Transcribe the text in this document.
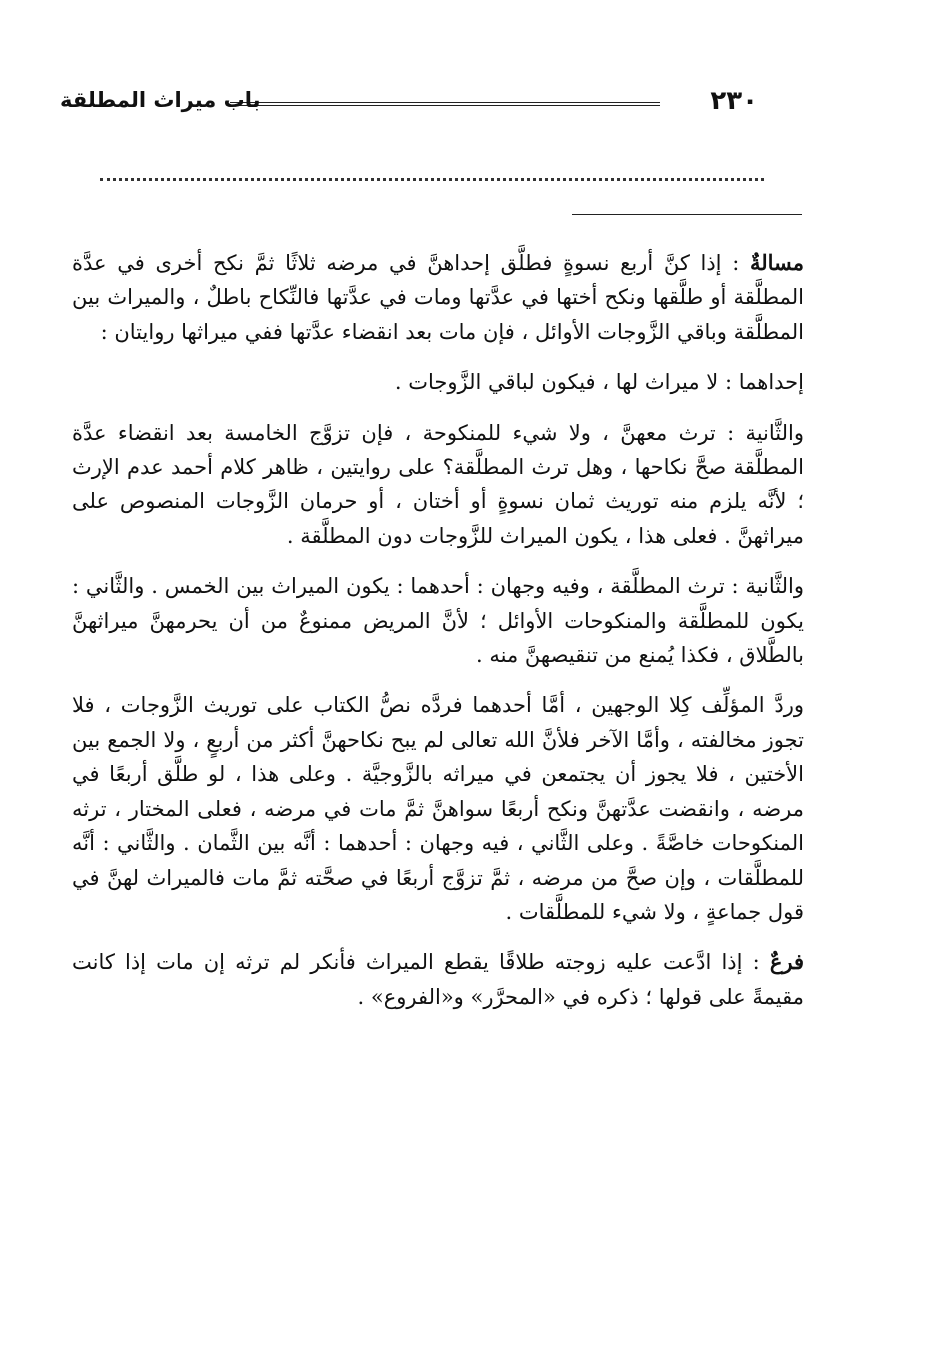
٢٣٠
باب ميراث المطلقة

مسالةٌ : إذا كنَّ أربع نسوةٍ فطلَّق إحداهنَّ في مرضه ثلاثًا ثمَّ نكح أخرى في عدَّة المطلَّقة أو طلَّقها ونكح أختها في عدَّتها ومات في عدَّتها فالنِّكاح باطلٌ ، والميراث بين المطلَّقة وباقي الزَّوجات الأوائل ، فإن مات بعد انقضاء عدَّتها ففي ميراثها روايتان :

إحداهما : لا ميراث لها ، فيكون لباقي الزَّوجات .

والثَّانية : ترث معهنَّ ، ولا شيء للمنكوحة ، فإن تزوَّج الخامسة بعد انقضاء عدَّة المطلَّقة صحَّ نكاحها ، وهل ترث المطلَّقة؟ على روايتين ، ظاهر كلام أحمد عدم الإرث ؛ لأنَّه يلزم منه توريث ثمان نسوةٍ أو أختان ، أو حرمان الزَّوجات المنصوص على ميراثهنَّ . فعلى هذا ، يكون الميراث للزَّوجات دون المطلَّقة .

والثَّانية : ترث المطلَّقة ، وفيه وجهان : أحدهما : يكون الميراث بين الخمس . والثَّاني : يكون للمطلَّقة والمنكوحات الأوائل ؛ لأنَّ المريض ممنوعٌ من أن يحرمهنَّ ميراثهنَّ بالطَّلاق ، فكذا يُمنع من تنقيصهنَّ منه .

وردَّ المؤلِّف كِلا الوجهين ، أمَّا أحدهما فردَّه نصُّ الكتاب على توريث الزَّوجات ، فلا تجوز مخالفته ، وأمَّا الآخر فلأنَّ الله تعالى لم يبح نكاحهنَّ أكثر من أربعٍ ، ولا الجمع بين الأختين ، فلا يجوز أن يجتمعن في ميراثه بالزَّوجيَّة . وعلى هذا ، لو طلَّق أربعًا في مرضه ، وانقضت عدَّتهنَّ ونكح أربعًا سواهنَّ ثمَّ مات في مرضه ، فعلى المختار ، ترثه المنكوحات خاصَّةً . وعلى الثَّاني ، فيه وجهان : أحدهما : أنَّه بين الثَّمان . والثَّاني : أنَّه للمطلَّقات ، وإن صحَّ من مرضه ، ثمَّ تزوَّج أربعًا في صحَّته ثمَّ مات فالميراث لهنَّ في قول جماعةٍ ، ولا شيء للمطلَّقات .

فرعٌ : إذا ادَّعت عليه زوجته طلاقًا يقطع الميراث فأنكر لم ترثه إن مات إذا كانت مقيمةً على قولها ؛ ذكره في «المحرَّر» و«الفروع» .
